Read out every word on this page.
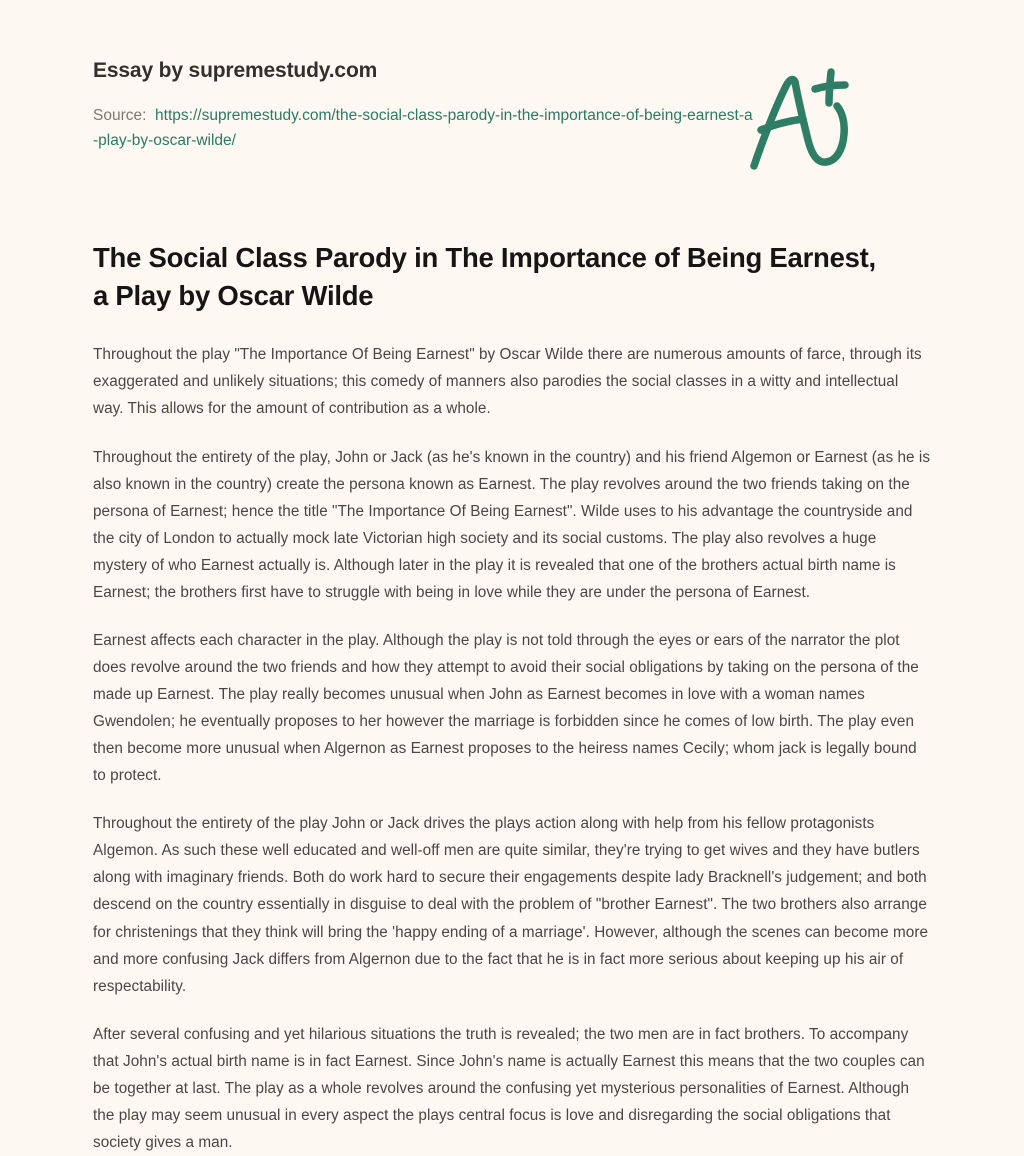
Essay by supremestudy.com
Source: https://supremestudy.com/the-social-class-parody-in-the-importance-of-being-earnest-a-play-by-oscar-wilde/
The Social Class Parody in The Importance of Being Earnest, a Play by Oscar Wilde

Throughout the play "The Importance Of Being Earnest" by Oscar Wilde there are numerous amounts of farce, through its exaggerated and unlikely situations; this comedy of manners also parodies the social classes in a witty and intellectual way. This allows for the amount of contribution as a whole.

Throughout the entirety of the play, John or Jack (as he's known in the country) and his friend Algemon or Earnest (as he is also known in the country) create the persona known as Earnest. The play revolves around the two friends taking on the persona of Earnest; hence the title "The Importance Of Being Earnest". Wilde uses to his advantage the countryside and the city of London to actually mock late Victorian high society and its social customs. The play also revolves a huge mystery of who Earnest actually is. Although later in the play it is revealed that one of the brothers actual birth name is Earnest; the brothers first have to struggle with being in love while they are under the persona of Earnest.

Earnest affects each character in the play. Although the play is not told through the eyes or ears of the narrator the plot does revolve around the two friends and how they attempt to avoid their social obligations by taking on the persona of the made up Earnest. The play really becomes unusual when John as Earnest becomes in love with a woman names Gwendolen; he eventually proposes to her however the marriage is forbidden since he comes of low birth. The play even then become more unusual when Algernon as Earnest proposes to the heiress names Cecily; whom jack is legally bound to protect.

Throughout the entirety of the play John or Jack drives the plays action along with help from his fellow protagonists Algemon. As such these well educated and well-off men are quite similar, they're trying to get wives and they have butlers along with imaginary friends. Both do work hard to secure their engagements despite lady Bracknell's judgement; and both descend on the country essentially in disguise to deal with the problem of "brother Earnest". The two brothers also arrange for christenings that they think will bring the 'happy ending of a marriage'. However, although the scenes can become more and more confusing Jack differs from Algernon due to the fact that he is in fact more serious about keeping up his air of respectability.

After several confusing and yet hilarious situations the truth is revealed; the two men are in fact brothers. To accompany that John's actual birth name is in fact Earnest. Since John's name is actually Earnest this means that the two couples can be together at last. The play as a whole revolves around the confusing yet mysterious personalities of Earnest. Although the play may seem unusual in every aspect the plays central focus is love and disregarding the social obligations that society gives a man.
